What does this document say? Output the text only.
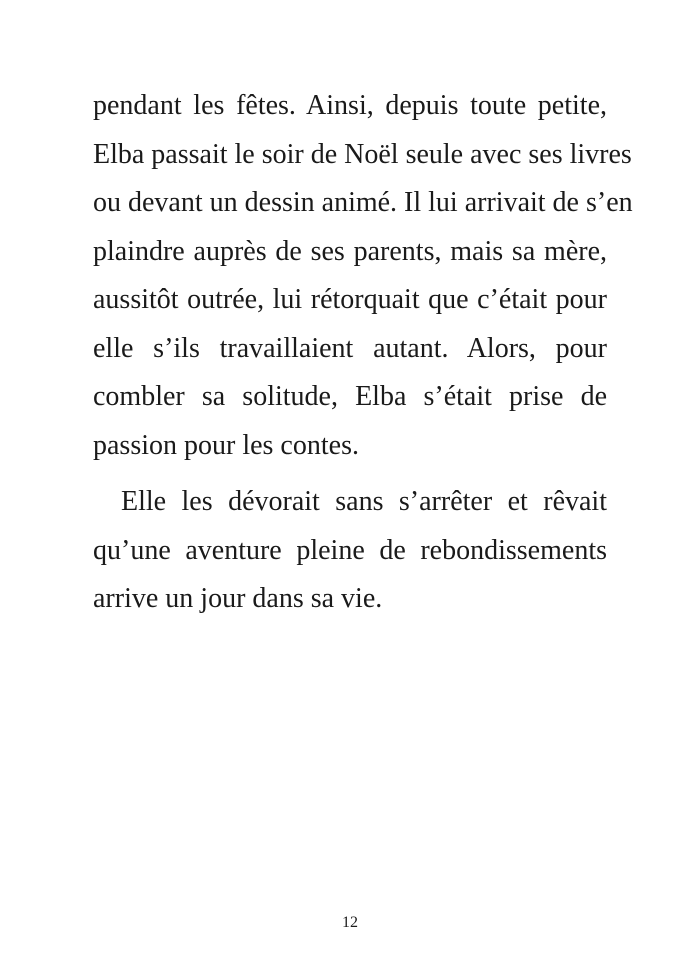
pendant les fêtes. Ainsi, depuis toute petite,
Elba passait le soir de Noël seule avec ses livres
ou devant un dessin animé. Il lui arrivait de s’en
plaindre auprès de ses parents, mais sa mère,
aussitôt outrée, lui rétorquait que c’était pour
elle s’ils travaillaient autant. Alors, pour
combler sa solitude, Elba s’était prise de
passion pour les contes.
Elle les dévorait sans s’arrêter et rêvait
qu’une aventure pleine de rebondissements
arrive un jour dans sa vie.
12
